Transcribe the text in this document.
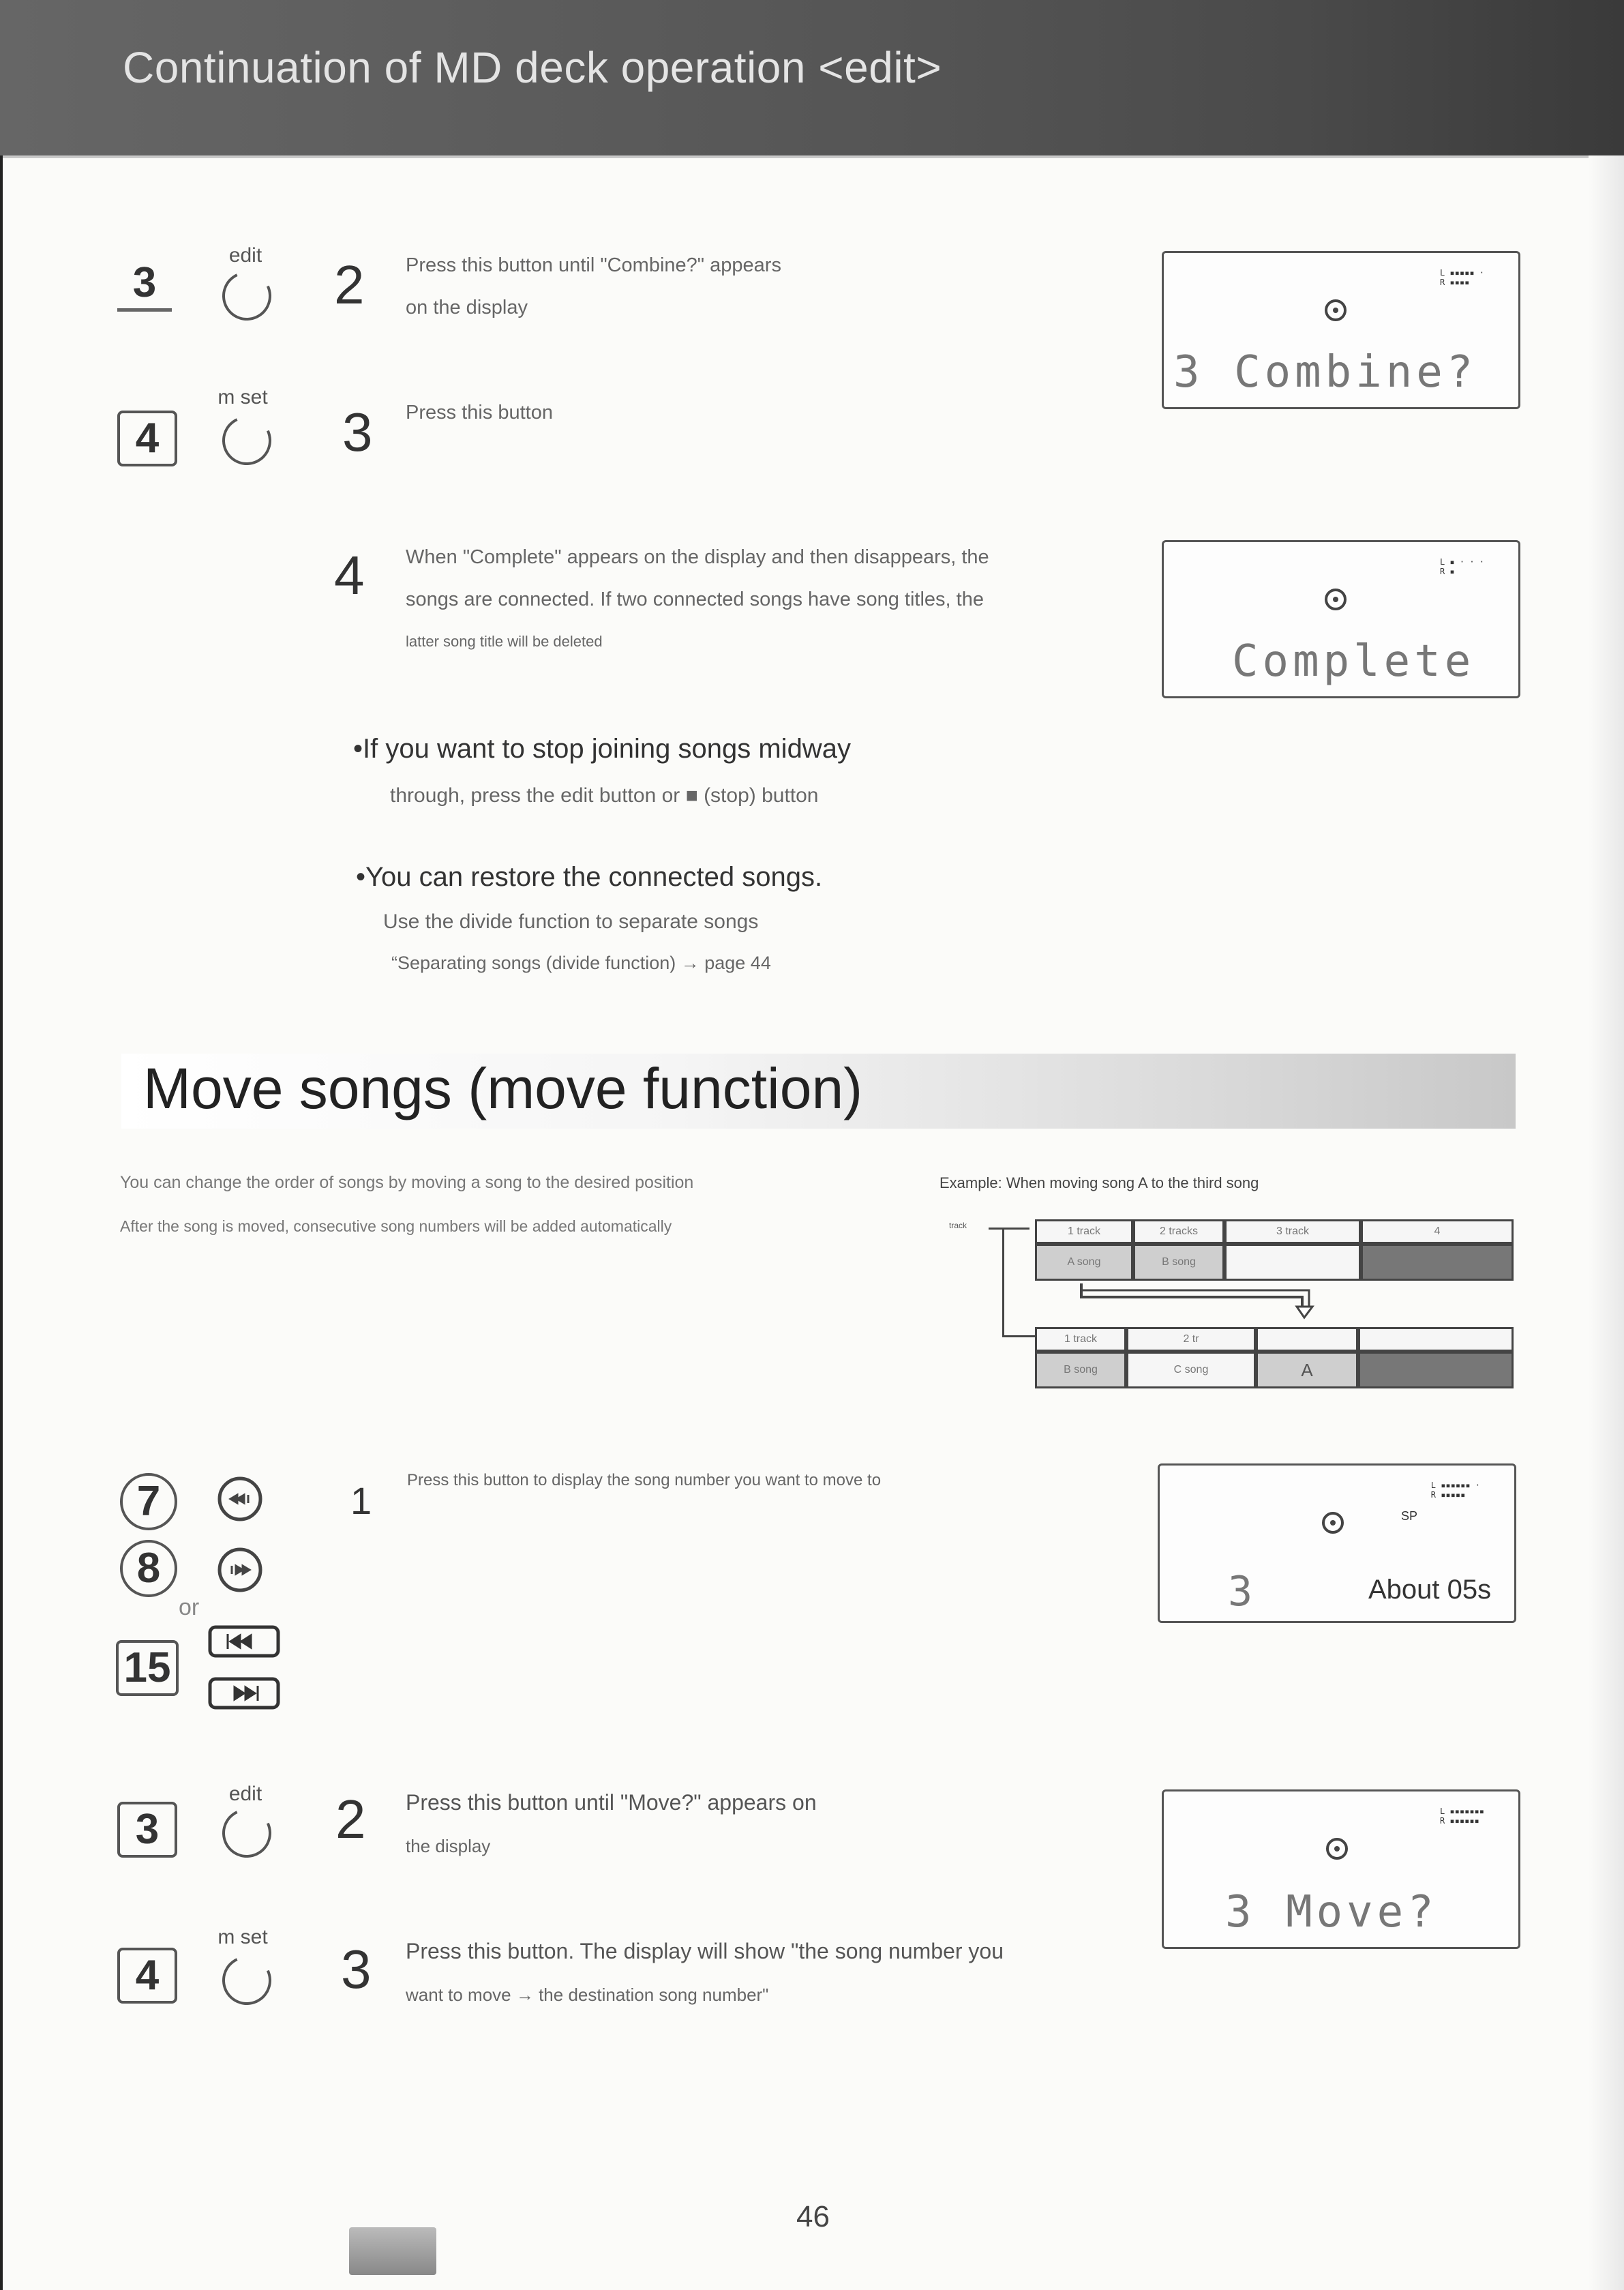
Continuation of MD deck operation <edit>
3
edit	2 Press this button until "Combine?" appears
on the display
4
m set
3 Press this button
4 When "Complete" appears on the display and then disappears, the
songs are connected. If two connected songs have song titles, the
latter song title will be deleted
L ▪▪▪▪▪ ·
R ▪▪▪▪
3 Combine?
L ▪ · · ·
R ▪
Complete
•If you want to stop joining songs midway
through, press the edit button or ■ (stop) button
•You can restore the connected songs.
Use the divide function to separate songs
“Separating songs (divide function) → page 44
Move songs (move function)
You can change the order of songs by moving a song to the desired position
After the song is moved, consecutive song numbers will be added automatically
Example: When moving song A to the third song
track	1 track	2 tracks	3 track	4
A song	B song
1 track	2 tr
B song	C song	A
7
8
or
15
1 Press this button to display the song number you want to move to	L ▪▪▪▪▪▪ ·
R ▪▪▪▪▪
SP
3	About 05s
3
edit	2 Press this button until "Move?" appears on
the display
L ▪▪▪▪▪▪▪
R ▪▪▪▪▪▪
3 Move?
4
m set
3 Press this button. The display will show "the song number you
want to move → the destination song number"
46
